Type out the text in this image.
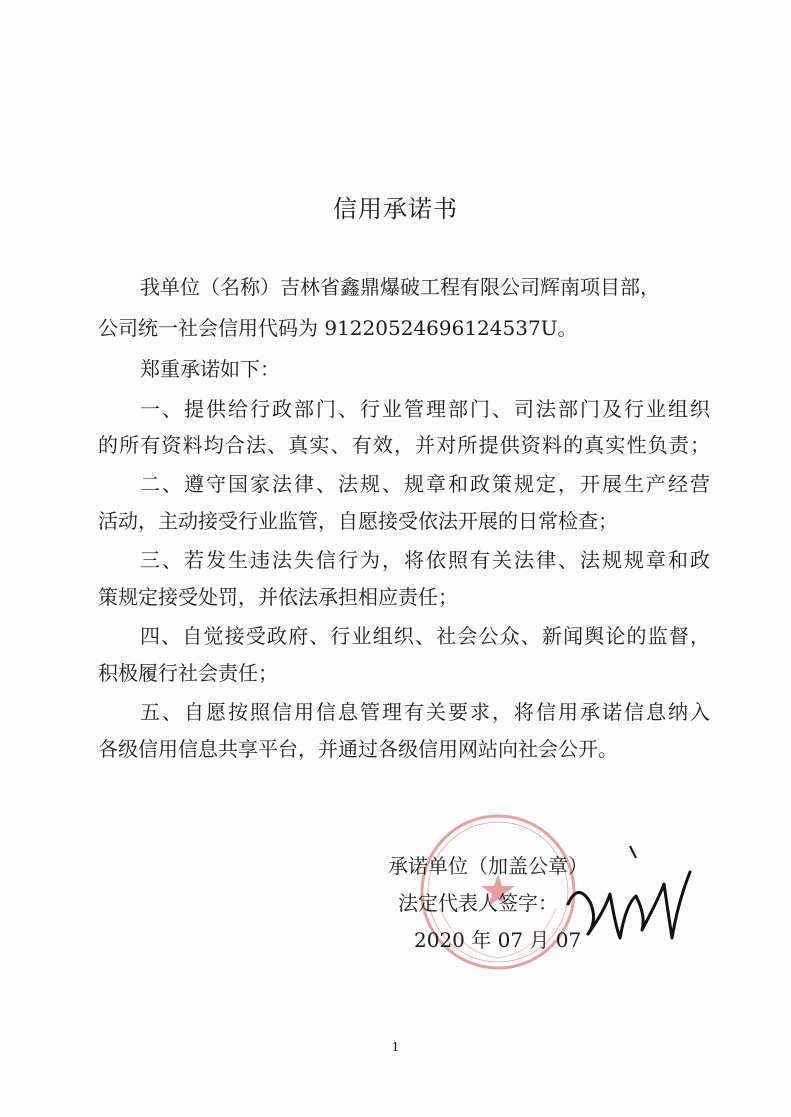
信用承诺书
我单位（名称）吉林省鑫鼎爆破工程有限公司辉南项目部，
公司统一社会信用代码为 91220524696124537U。
郑重承诺如下：
一、提供给行政部门、行业管理部门、司法部门及行业组织
的所有资料均合法、真实、有效，并对所提供资料的真实性负责；
二、遵守国家法律、法规、规章和政策规定，开展生产经营
活动，主动接受行业监管，自愿接受依法开展的日常检查；
三、若发生违法失信行为，将依照有关法律、法规规章和政
策规定接受处罚，并依法承担相应责任；
四、自觉接受政府、行业组织、社会公众、新闻舆论的监督，
积极履行社会责任；
五、自愿按照信用信息管理有关要求，将信用承诺信息纳入
各级信用信息共享平台，并通过各级信用网站向社会公开。
承诺单位（加盖公章）
法定代表人签字：
2020 年 07 月 07
1
